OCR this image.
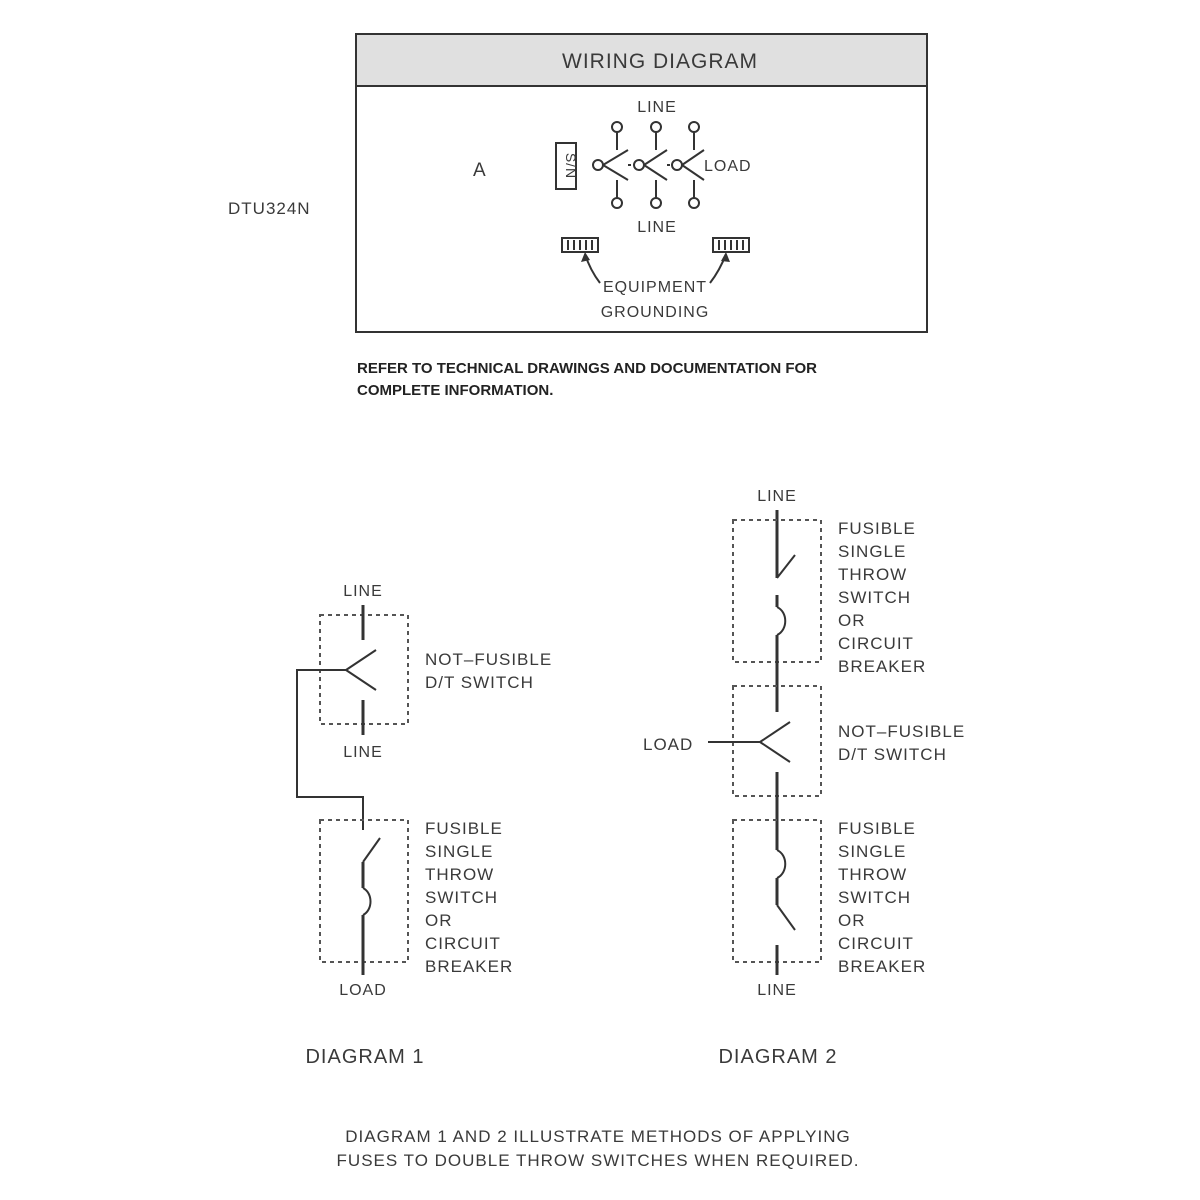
WIRING DIAGRAM
DTU324N
A	S/N
LINE
LINE
LOAD
EQUIPMENT
GROUNDING
REFER TO TECHNICAL DRAWINGS AND DOCUMENTATION FOR
COMPLETE INFORMATION.
LINE
LINE
NOT–FUSIBLE
D/T SWITCH
LOAD
FUSIBLE
SINGLE
THROW
SWITCH
OR
CIRCUIT
BREAKER
DIAGRAM 1
LINE
FUSIBLE
SINGLE
THROW
SWITCH
OR
CIRCUIT
BREAKER
LOAD
NOT–FUSIBLE
D/T SWITCH
LINE
FUSIBLE
SINGLE
THROW
SWITCH
OR
CIRCUIT
BREAKER
DIAGRAM 2
DIAGRAM 1 AND 2 ILLUSTRATE METHODS OF APPLYING
FUSES TO DOUBLE THROW SWITCHES WHEN REQUIRED.
